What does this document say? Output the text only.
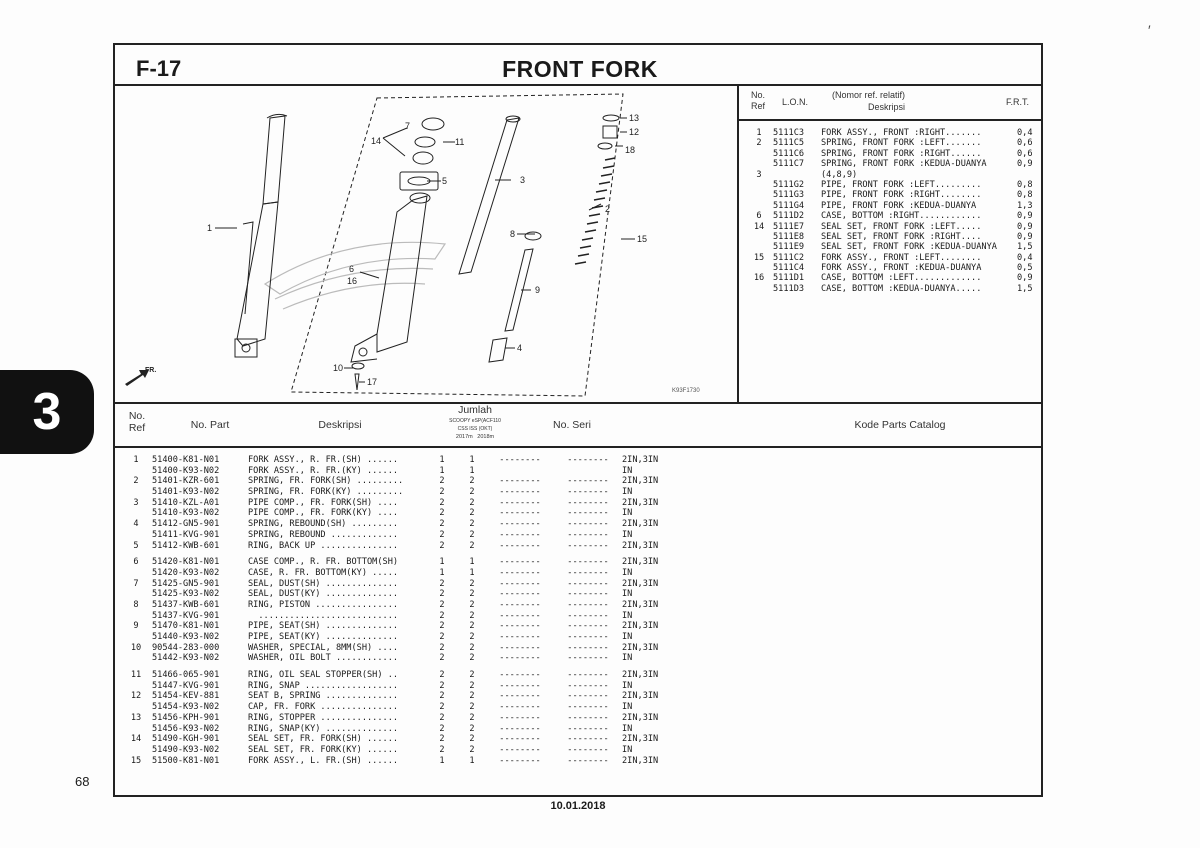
′
F-17	FRONT FORK
1
2
3
4
5
6
7
8
9
10
11
12
13
14
15
16
17
18
FR.
K93F1730
No.
Ref	L.O.N.
(Nomor ref. relatif)
Deskripsi	F.R.T.
1	5111C3	FORK ASSY., FRONT :RIGHT.......	0,4
2	5111C5	SPRING, FRONT FORK :LEFT.......	0,6
5111C6	SPRING, FRONT FORK :RIGHT......	0,6
5111C7	SPRING, FRONT FORK :KEDUA-DUANYA	0,9
3	(4,8,9)
5111G2	PIPE, FRONT FORK :LEFT.........	0,8
5111G3	PIPE, FRONT FORK :RIGHT........	0,8
5111G4	PIPE, FRONT FORK :KEDUA-DUANYA	1,3
6	5111D2	CASE, BOTTOM :RIGHT............	0,9
14	5111E7	SEAL SET, FRONT FORK :LEFT.....	0,9
5111E8	SEAL SET, FRONT FORK :RIGHT....	0,9
5111E9	SEAL SET, FRONT FORK :KEDUA-DUANYA	1,5
15	5111C2	FORK ASSY., FRONT :LEFT........	0,4
5111C4	FORK ASSY., FRONT :KEDUA-DUANYA	0,5
16	5111D1	CASE, BOTTOM :LEFT.............	0,9
5111D3	CASE, BOTTOM :KEDUA-DUANYA.....	1,5
No.
Ref	No. Part	Deskripsi
Jumlah
SCOOPY eSP(ACF110
CSS ISS (OKT)
2017m   2018m
No. Seri	Kode Parts Catalog
1	51400-K81-N01	FORK ASSY., R. FR.(SH) ......	1	1	--------	--------	2IN,3IN
51400-K93-N02	FORK ASSY., R. FR.(KY) ......	1	1	IN
2	51401-KZR-601	SPRING, FR. FORK(SH) .........	2	2	--------	--------	2IN,3IN
51401-K93-N02	SPRING, FR. FORK(KY) .........	2	2	--------	--------	IN
3	51410-KZL-A01	PIPE COMP., FR. FORK(SH) ....	2	2	--------	--------	2IN,3IN
51410-K93-N02	PIPE COMP., FR. FORK(KY) ....	2	2	--------	--------	IN
4	51412-GN5-901	SPRING, REBOUND(SH) .........	2	2	--------	--------	2IN,3IN
51411-KVG-901	SPRING, REBOUND .............	2	2	--------	--------	IN
5	51412-KWB-601	RING, BACK UP ...............	2	2	--------	--------	2IN,3IN
6	51420-K81-N01	CASE COMP., R. FR. BOTTOM(SH)	1	1	--------	--------	2IN,3IN
51420-K93-N02	CASE, R. FR. BOTTOM(KY) .....	1	1	--------	--------	IN
7	51425-GN5-901	SEAL, DUST(SH) ..............	2	2	--------	--------	2IN,3IN
51425-K93-N02	SEAL, DUST(KY) ..............	2	2	--------	--------	IN
8	51437-KWB-601	RING, PISTON ................	2	2	--------	--------	2IN,3IN
51437-KVG-901	...........................	2	2	--------	--------	IN
9	51470-K81-N01	PIPE, SEAT(SH) ..............	2	2	--------	--------	2IN,3IN
51440-K93-N02	PIPE, SEAT(KY) ..............	2	2	--------	--------	IN
10	90544-283-000	WASHER, SPECIAL, 8MM(SH) ....	2	2	--------	--------	2IN,3IN
51442-K93-N02	WASHER, OIL BOLT ............	2	2	--------	--------	IN
11	51466-065-901	RING, OIL SEAL STOPPER(SH) ..	2	2	--------	--------	2IN,3IN
51447-KVG-901	RING, SNAP ..................	2	2	--------	--------	IN
12	51454-KEV-881	SEAT B, SPRING ..............	2	2	--------	--------	2IN,3IN
51454-K93-N02	CAP, FR. FORK ...............	2	2	--------	--------	IN
13	51456-KPH-901	RING, STOPPER ...............	2	2	--------	--------	2IN,3IN
51456-K93-N02	RING, SNAP(KY) ..............	2	2	--------	--------	IN
14	51490-KGH-901	SEAL SET, FR. FORK(SH) ......	2	2	--------	--------	2IN,3IN
51490-K93-N02	SEAL SET, FR. FORK(KY) ......	2	2	--------	--------	IN
15	51500-K81-N01	FORK ASSY., L. FR.(SH) ......	1	1	--------	--------	2IN,3IN
3
68
10.01.2018
